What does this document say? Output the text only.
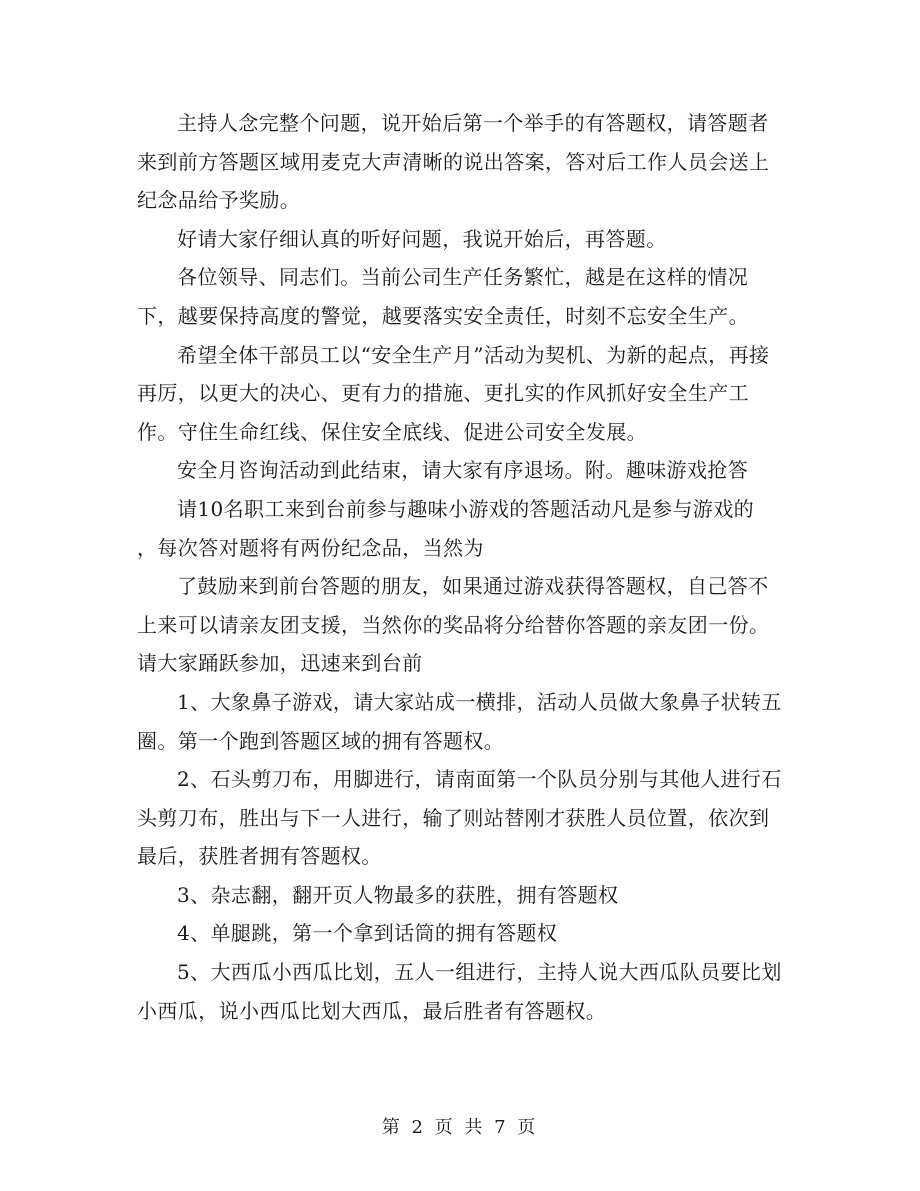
主持人念完整个问题，说开始后第一个举手的有答题权，请答题者来到前方答题区域用麦克大声清晰的说出答案，答对后工作人员会送上纪念品给予奖励。

好请大家仔细认真的听好问题，我说开始后，再答题。

各位领导、同志们。当前公司生产任务繁忙，越是在这样的情况下，越要保持高度的警觉，越要落实安全责任，时刻不忘安全生产。

希望全体干部员工以“安全生产月”活动为契机、为新的起点，再接再厉，以更大的决心、更有力的措施、更扎实的作风抓好安全生产工作。守住生命红线、保住安全底线、促进公司安全发展。

安全月咨询活动到此结束，请大家有序退场。附。趣味游戏抢答

请10名职工来到台前参与趣味小游戏的答题活动凡是参与游戏的

，每次答对题将有两份纪念品，当然为

了鼓励来到前台答题的朋友，如果通过游戏获得答题权，自己答不上来可以请亲友团支援，当然你的奖品将分给替你答题的亲友团一份。请大家踊跃参加，迅速来到台前

1、大象鼻子游戏，请大家站成一横排，活动人员做大象鼻子状转五圈。第一个跑到答题区域的拥有答题权。

2、石头剪刀布，用脚进行，请南面第一个队员分别与其他人进行石头剪刀布，胜出与下一人进行，输了则站替刚才获胜人员位置，依次到最后，获胜者拥有答题权。

3、杂志翻，翻开页人物最多的获胜，拥有答题权

4、单腿跳，第一个拿到话筒的拥有答题权

5、大西瓜小西瓜比划，五人一组进行，主持人说大西瓜队员要比划小西瓜，说小西瓜比划大西瓜，最后胜者有答题权。

第 2 页 共 7 页
